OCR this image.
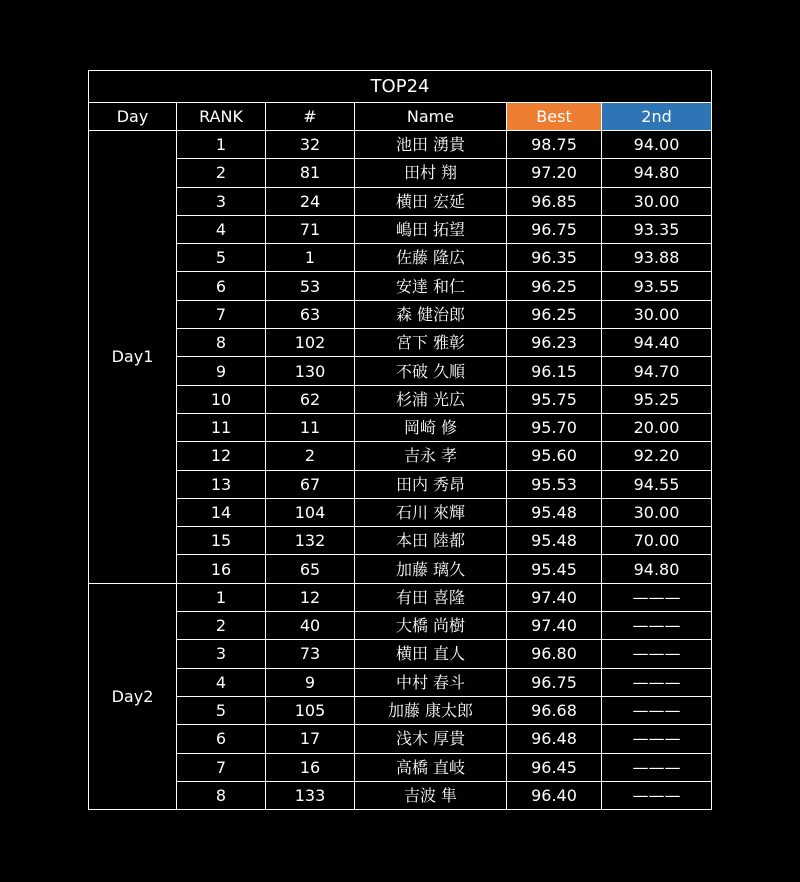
TOP24					
Day	RANK	#	Name	Best	2nd
Day1	1	32	池田 湧貴	98.75	94.00
	2	81	田村 翔	97.20	94.80
	3	24	横田 宏延	96.85	30.00
	4	71	嶋田 拓望	96.75	93.35
	5	1	佐藤 隆広	96.35	93.88
	6	53	安達 和仁	96.25	93.55
	7	63	森 健治郎	96.25	30.00
	8	102	宮下 雅彰	96.23	94.40
	9	130	不破 久順	96.15	94.70
	10	62	杉浦 光広	95.75	95.25
	11	11	岡崎 修	95.70	20.00
	12	2	吉永 孝	95.60	92.20
	13	67	田内 秀昂	95.53	94.55
	14	104	石川 來輝	95.48	30.00
	15	132	本田 陸都	95.48	70.00
	16	65	加藤 璃久	95.45	94.80
Day2	1	12	有田 喜隆	97.40	———
	2	40	大橋 尚樹	97.40	———
	3	73	横田 直人	96.80	———
	4	9	中村 春斗	96.75	———
	5	105	加藤 康太郎	96.68	———
	6	17	浅木 厚貴	96.48	———
	7	16	高橋 直岐	96.45	———
	8	133	吉波 隼	96.40	———
